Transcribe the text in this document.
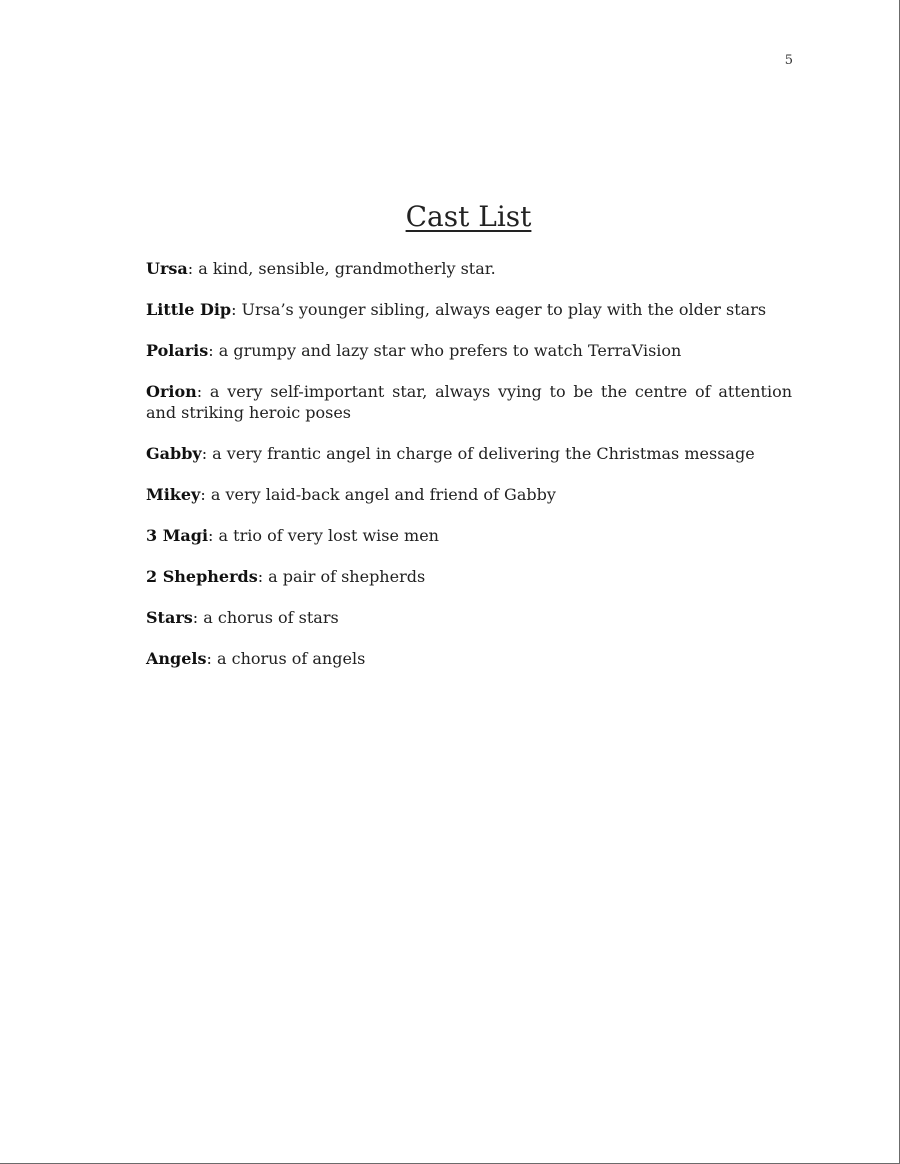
5
Cast List
Ursa: a kind, sensible, grandmotherly star.
Little Dip: Ursa’s younger sibling, always eager to play with the older stars
Polaris: a grumpy and lazy star who prefers to watch TerraVision
Orion: a very self-important star, always vying to be the centre of attention and striking heroic poses
Gabby: a very frantic angel in charge of delivering the Christmas message
Mikey: a very laid-back angel and friend of Gabby
3 Magi: a trio of very lost wise men
2 Shepherds: a pair of shepherds
Stars: a chorus of stars
Angels: a chorus of angels
